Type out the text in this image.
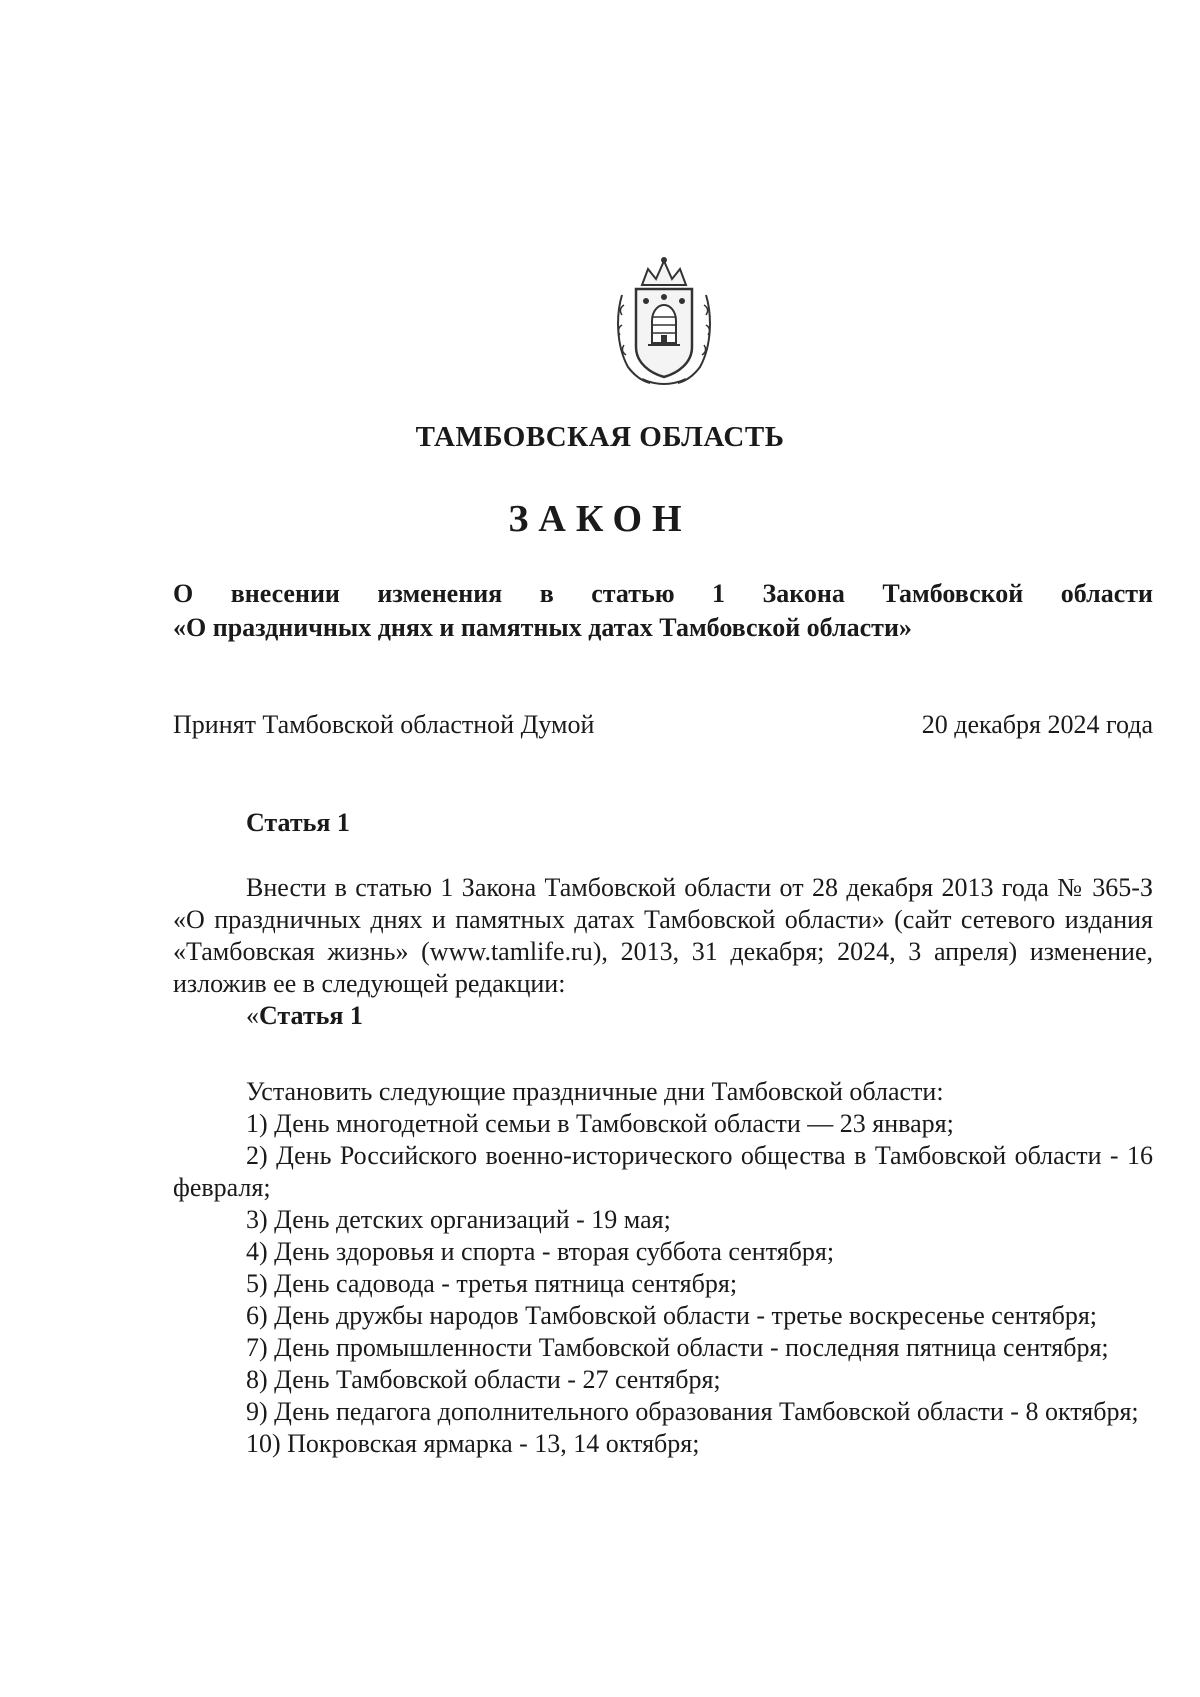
ТАМБОВСКАЯ ОБЛАСТЬ
ЗАКОН
О внесении изменения в статью 1 Закона Тамбовской области
«О праздничных днях и памятных датах Тамбовской области»
Принят Тамбовской областной Думой	20 декабря 2024 года
Статья 1

Внести в статью 1 Закона Тамбовской области от 28 декабря 2013 года № 365-З «О праздничных днях и памятных датах Тамбовской области» (сайт сетевого издания «Тамбовская жизнь» (www.tamlife.ru), 2013, 31 декабря; 2024, 3 апреля) изменение, изложив ее в следующей редакции:

«Статья 1

Установить следующие праздничные дни Тамбовской области:

1) День многодетной семьи в Тамбовской области — 23 января;

2) День Российского военно-исторического общества в Тамбовской области - 16 февраля;

3) День детских организаций - 19 мая;

4) День здоровья и спорта - вторая суббота сентября;

5) День садовода - третья пятница сентября;

6) День дружбы народов Тамбовской области - третье воскресенье сентября;

7) День промышленности Тамбовской области - последняя пятница сентября;

8) День Тамбовской области - 27 сентября;

9) День педагога дополнительного образования Тамбовской области - 8 октября;

10) Покровская ярмарка - 13, 14 октября;
